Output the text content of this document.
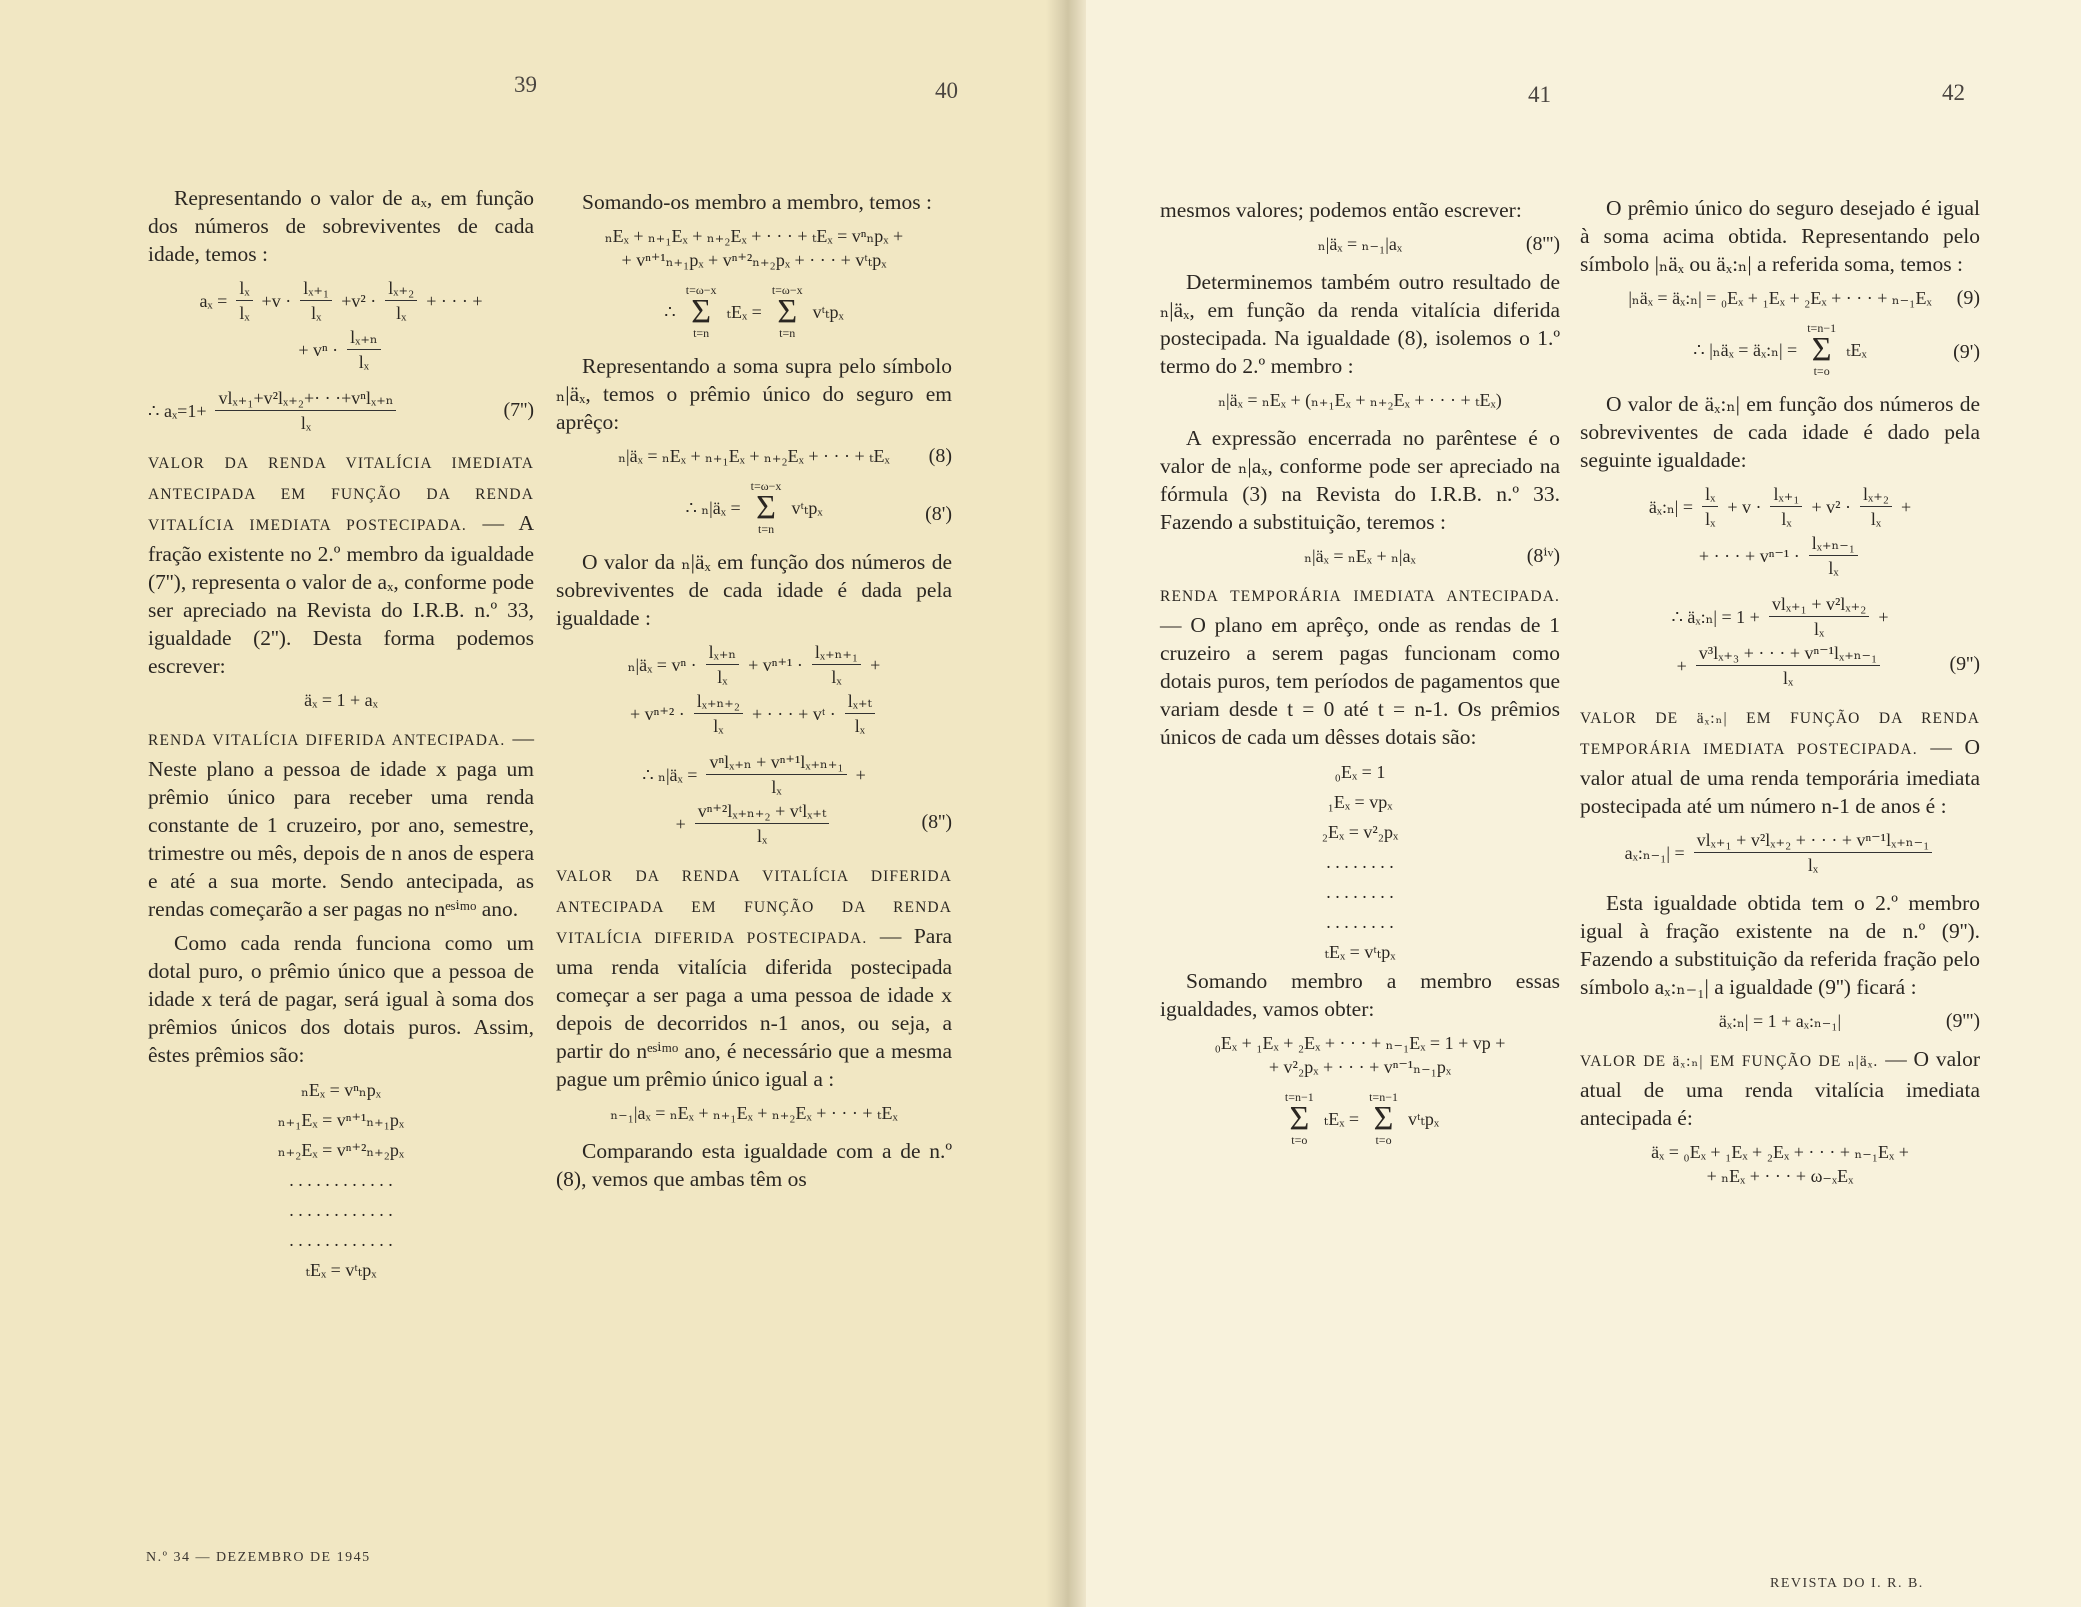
39	40	41	42

Representando o valor de aₓ, em função dos números de sobreviventes de cada idade, temos :

$a_x = \frac{\text{lₓ}}{\text{lₓ}} +v \cdot \frac{\text{lₓ₊₁}}{\text{lₓ}} +v^2 \cdot \frac{\text{lₓ₊₂}}{\text{lₓ}}$ + · · · +
+ $v^n \cdot \frac{\text{lₓ₊ₙ}}{\text{lₓ}}$
∴ $a_x=1+ \frac{\text{vlₓ₊₁+v²lₓ₊₂+· · ·+vⁿlₓ₊ₙ}}{\text{lₓ}}$	(7'')

VALOR DA RENDA VITALÍCIA IMEDIATA ANTECIPADA EM FUNÇÃO DA RENDA VITALÍCIA IMEDIATA POSTECIPADA. — A fração existente no 2.º membro da igualdade (7''), representa o valor de aₓ, conforme pode ser apreciado na Revista do I.R.B. n.º 33, igualdade (2''). Desta forma podemos escrever:

äₓ = 1 + aₓ

RENDA VITALÍCIA DIFERIDA ANTECIPADA. — Neste plano a pessoa de idade x paga um prêmio único para receber uma renda constante de 1 cruzeiro, por ano, semestre, trimestre ou mês, depois de n anos de espera e até a sua morte. Sendo antecipada, as rendas começarão a ser pagas no nᵉˢⁱᵐᵒ ano.

Como cada renda funciona como um dotal puro, o prêmio único que a pessoa de idade x terá de pagar, será igual à soma dos prêmios únicos dos dotais puros. Assim, êstes prêmios são:

ₙEₓ = vⁿₙpₓ
ₙ₊₁Eₓ = vⁿ⁺¹ₙ₊₁pₓ
ₙ₊₂Eₓ = vⁿ⁺²ₙ₊₂pₓ
. . . . . . . . . . . .
. . . . . . . . . . . .
. . . . . . . . . . . .
ₜEₓ = vᵗₜpₓ

Somando-os membro a membro, temos :

ₙEₓ + ₙ₊₁Eₓ + ₙ₊₂Eₓ + · · · + ₜEₓ = vⁿₙpₓ +
+ vⁿ⁺¹ₙ₊₁pₓ + vⁿ⁺²ₙ₊₂pₓ + · · · + vᵗₜpₓ
∴
t=ω−x
Σ
t=n
ₜEₓ =
t=ω−x
Σ
t=n
vᵗₜpₓ

Representando a soma supra pelo símbolo ₙ|äₓ, temos o prêmio único do seguro em aprêço:

ₙ|äₓ = ₙEₓ + ₙ₊₁Eₓ + ₙ₊₂Eₓ + · · · + ₜEₓ (8)
∴ ₙ|äₓ =
t=ω−x
Σ
t=n
vᵗₜpₓ	(8')

O valor da ₙ|äₓ em função dos números de sobreviventes de cada idade é dada pela igualdade :

ₙ|äₓ = $v^n \cdot \frac{\text{lₓ₊ₙ}}{\text{lₓ}} + v^{n+1} \cdot \frac{\text{lₓ₊ₙ₊₁}}{\text{lₓ}}$ +
+ $v^{n+2} \cdot \frac{\text{lₓ₊ₙ₊₂}}{\text{lₓ}}$ + · · · + vᵗ · $\frac{\text{lₓ₊ₜ}}{\text{lₓ}}$
∴ ₙ|äₓ = $\frac{\text{vⁿlₓ₊ₙ + vⁿ⁺¹lₓ₊ₙ₊₁}}{\text{lₓ}}$ +
+ $\frac{\text{vⁿ⁺²lₓ₊ₙ₊₂ + vᵗlₓ₊ₜ}}{\text{lₓ}}$	(8'')

VALOR DA RENDA VITALÍCIA DIFERIDA ANTECIPADA EM FUNÇÃO DA RENDA VITALÍCIA DIFERIDA POSTECIPADA. — Para uma renda vitalícia diferida postecipada começar a ser paga a uma pessoa de idade x depois de decorridos n-1 anos, ou seja, a partir do nᵉˢⁱᵐᵒ ano, é necessário que a mesma pague um prêmio único igual a :

ₙ₋₁|aₓ = ₙEₓ + ₙ₊₁Eₓ + ₙ₊₂Eₓ + · · · + ₜEₓ

Comparando esta igualdade com a de n.º (8), vemos que ambas têm os

mesmos valores; podemos então escrever:

ₙ|äₓ = ₙ₋₁|aₓ	(8''')

Determinemos também outro resultado de ₙ|äₓ, em função da renda vitalícia diferida postecipada. Na igualdade (8), isolemos o 1.º termo do 2.º membro :

ₙ|äₓ = ₙEₓ + (ₙ₊₁Eₓ + ₙ₊₂Eₓ + · · · + ₜEₓ)

A expressão encerrada no parêntese é o valor de ₙ|aₓ, conforme pode ser apreciado na fórmula (3) na Revista do I.R.B. n.º 33. Fazendo a substituição, teremos :

ₙ|äₓ = ₙEₓ + ₙ|aₓ	(8ⁱᵛ)

RENDA TEMPORÁRIA IMEDIATA ANTECIPADA. — O plano em aprêço, onde as rendas de 1 cruzeiro a serem pagas funcionam como dotais puros, tem períodos de pagamentos que variam desde t = 0 até t = n-1. Os prêmios únicos de cada um dêsses dotais são:

₀Eₓ = 1
₁Eₓ = vpₓ
₂Eₓ = v²₂pₓ
. . . . . . . .
. . . . . . . .
. . . . . . . .
ₜEₓ = vᵗₜpₓ

Somando membro a membro essas igualdades, vamos obter:

₀Eₓ + ₁Eₓ + ₂Eₓ + · · · + ₙ₋₁Eₓ = 1 + vp +
+ v²₂pₓ + · · · + vⁿ⁻¹ₙ₋₁pₓ
t=n−1
Σ
t=o
ₜEₓ =
t=n−1
Σ
t=o
vᵗₜpₓ

O prêmio único do seguro desejado é igual à soma acima obtida. Representando pelo símbolo |ₙäₓ ou äₓ:ₙ| a referida soma, temos :

|ₙäₓ = äₓ:ₙ| = ₀Eₓ + ₁Eₓ + ₂Eₓ + · · · + ₙ₋₁Eₓ (9)
∴ |ₙäₓ = äₓ:ₙ| =
t=n−1
Σ
t=o
ₜEₓ	(9')

O valor de äₓ:ₙ| em função dos números de sobreviventes de cada idade é dado pela seguinte igualdade:

äₓ:ₙ| = $\frac{\text{lₓ}}{\text{lₓ}} + v \cdot \frac{\text{lₓ₊₁}}{\text{lₓ}} + v^2 \cdot \frac{\text{lₓ₊₂}}{\text{lₓ}}$ +
+ · · · + $v^{n-1} \cdot \frac{\text{lₓ₊ₙ₋₁}}{\text{lₓ}}$
∴ äₓ:ₙ| = $1 + \frac{\text{vlₓ₊₁ + v²lₓ₊₂}}{\text{lₓ}}$ +
+ $\frac{\text{v³lₓ₊₃ + · · · + vⁿ⁻¹lₓ₊ₙ₋₁}}{\text{lₓ}}$	(9'')

VALOR DE äₓ:ₙ| EM FUNÇÃO DA RENDA TEMPORÁRIA IMEDIATA POSTECIPADA. — O valor atual de uma renda temporária imediata postecipada até um número n-1 de anos é :

aₓ:ₙ₋₁| = $\frac{\text{vlₓ₊₁ + v²lₓ₊₂ + · · · + vⁿ⁻¹lₓ₊ₙ₋₁}}{\text{lₓ}}$

Esta igualdade obtida tem o 2.º membro igual à fração existente na de n.º (9''). Fazendo a substituição da referida fração pelo símbolo aₓ:ₙ₋₁| a igualdade (9'') ficará :

äₓ:ₙ| = 1 + aₓ:ₙ₋₁|	(9''')

VALOR DE äₓ:ₙ| EM FUNÇÃO DE ₙ|äₓ. — O valor atual de uma renda vitalícia imediata antecipada é:

äₓ = ₀Eₓ + ₁Eₓ + ₂Eₓ + · · · + ₙ₋₁Eₓ +
+ ₙEₓ + · · · + ω₋ₓEₓ
N.º 34 — DEZEMBRO DE 1945
REVISTA DO I. R. B.
